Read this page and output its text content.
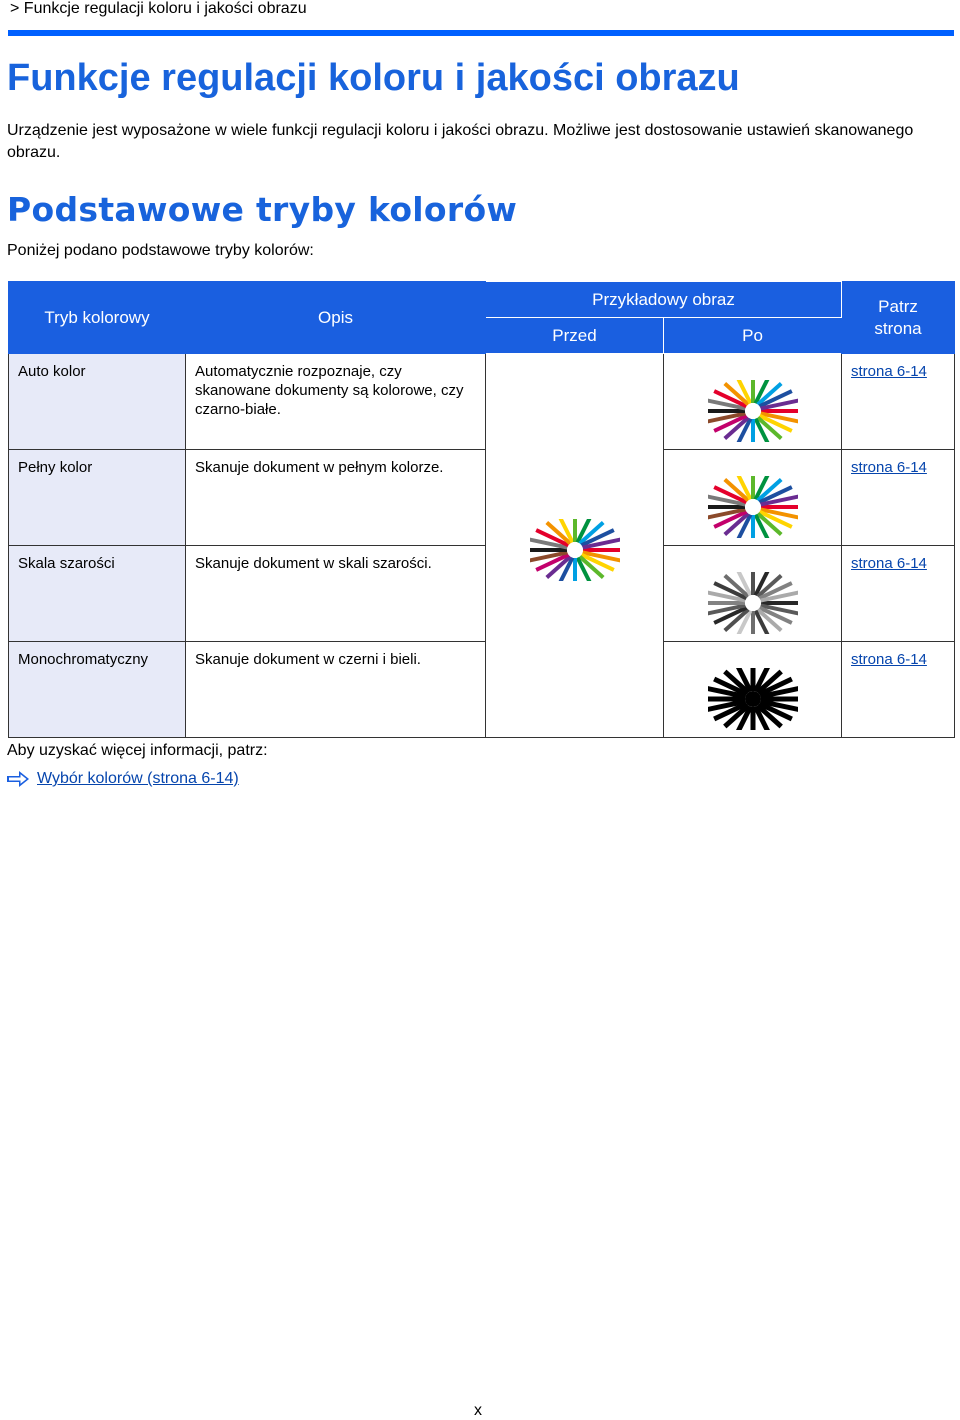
> Funkcje regulacji koloru i jakości obrazu
Funkcje regulacji koloru i jakości obrazu

Urządzenie jest wyposażone w wiele funkcji regulacji koloru i jakości obrazu. Możliwe jest dostosowanie ustawień skanowanego obrazu.

Podstawowe tryby kolorów

Poniżej podano podstawowe tryby kolorów:

Tryb kolorowy	Opis	Przykładowy obraz		Patrz strona
		Przed	Po	
Auto kolor	Automatycznie rozpoznaje, czy skanowane dokumenty są kolorowe, czy czarno-białe.			strona 6-14
Pełny kolor	Skanuje dokument w pełnym kolorze.			strona 6-14
Skala szarości	Skanuje dokument w skali szarości.			strona 6-14
Monochromatyczny	Skanuje dokument w czerni i bieli.			strona 6-14

Aby uzyskać więcej informacji, patrz:

Wybór kolorów (strona 6-14)
x
